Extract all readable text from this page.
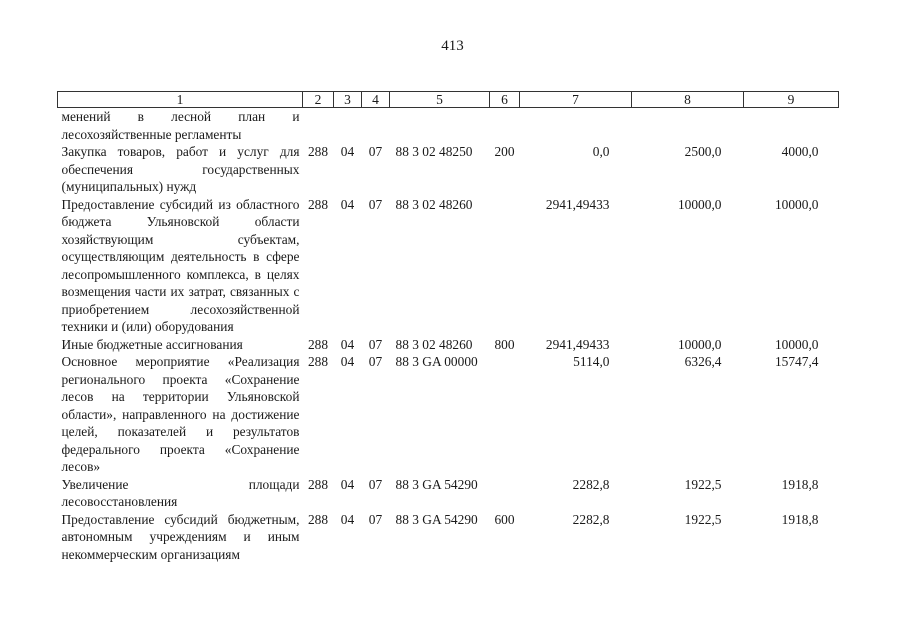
413
1	2	3	4	5	6	7	8	9
менений в лесной план и лесохозяйственные регламенты								
Закупка товаров, работ и услуг для обеспечения государственных (муниципальных) нужд	288	04	07	88 3 02 48250	200	0,0	2500,0	4000,0
Предоставление субсидий из областного бюджета Ульяновской области хозяйствующим субъектам, осуществляющим деятельность в сфере лесопромышленного комплекса, в целях возмещения части их затрат, связанных с приобретением лесохозяйственной техники и (или) оборудования	288	04	07	88 3 02 48260		2941,49433	10000,0	10000,0
Иные бюджетные ассигнования	288	04	07	88 3 02 48260	800	2941,49433	10000,0	10000,0
Основное мероприятие «Реализация регионального проекта «Сохранение лесов на территории Ульяновской области», направленного на достижение целей, показателей и результатов федерального проекта «Сохранение лесов»	288	04	07	88 3 GA 00000		5114,0	6326,4	15747,4
Увеличение площади лесовосстановления	288	04	07	88 3 GA 54290		2282,8	1922,5	1918,8
Предоставление субсидий бюджетным, автономным учреждениям и иным некоммерческим организациям	288	04	07	88 3 GA 54290	600	2282,8	1922,5	1918,8
